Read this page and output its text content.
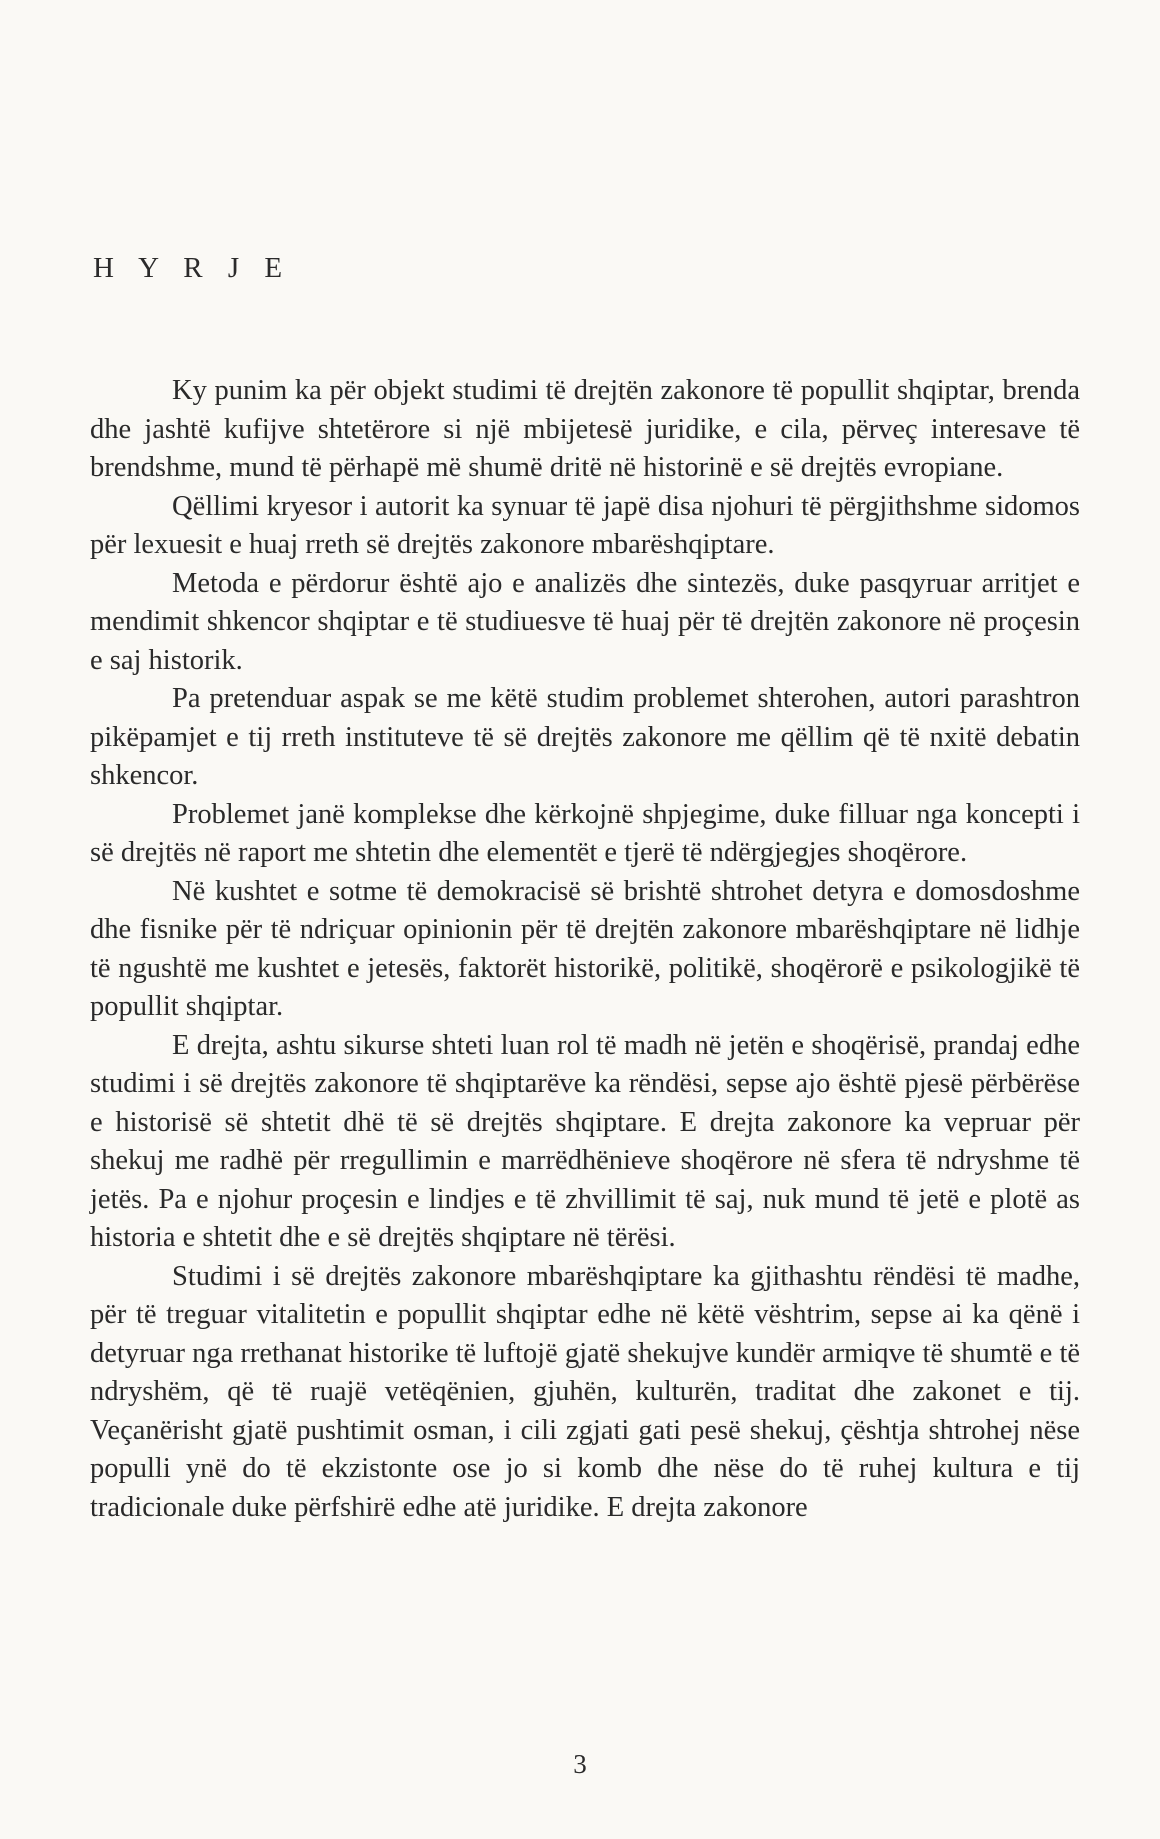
H Y R J E

Ky punim ka për objekt studimi të drejtën zakonore të popullit shqiptar, brenda dhe jashtë kufijve shtetërore si një mbijetesë juridike, e cila, përveç interesave të brendshme, mund të përhapë më shumë dritë në historinë e së drejtës evropiane.

Qëllimi kryesor i autorit ka synuar të japë disa njohuri të përgjithshme sidomos për lexuesit e huaj rreth së drejtës zakonore mbarëshqiptare.

Metoda e përdorur është ajo e analizës dhe sintezës, duke pasqyruar arritjet e mendimit shkencor shqiptar e të studiuesve të huaj për të drejtën zakonore në proçesin e saj historik.

Pa pretenduar aspak se me këtë studim problemet shterohen, autori parashtron pikëpamjet e tij rreth instituteve të së drejtës zakonore me qëllim që të nxitë debatin shkencor.

Problemet janë komplekse dhe kërkojnë shpjegime, duke filluar nga koncepti i së drejtës në raport me shtetin dhe elementët e tjerë të ndërgjegjes shoqërore.

Në kushtet e sotme të demokracisë së brishtë shtrohet detyra e domosdoshme dhe fisnike për të ndriçuar opinionin për të drejtën zakonore mbarëshqiptare në lidhje të ngushtë me kushtet e jetesës, faktorët historikë, politikë, shoqërorë e psikologjikë të popullit shqiptar.

E drejta, ashtu sikurse shteti luan rol të madh në jetën e shoqërisë, prandaj edhe studimi i së drejtës zakonore të shqiptarëve ka rëndësi, sepse ajo është pjesë përbërëse e historisë së shtetit dhë të së drejtës shqiptare. E drejta zakonore ka vepruar për shekuj me radhë për rregullimin e marrëdhënieve shoqërore në sfera të ndryshme të jetës. Pa e njohur proçesin e lindjes e të zhvillimit të saj, nuk mund të jetë e plotë as historia e shtetit dhe e së drejtës shqiptare në tërësi.

Studimi i së drejtës zakonore mbarëshqiptare ka gjithashtu rëndësi të madhe, për të treguar vitalitetin e popullit shqiptar edhe në këtë vështrim, sepse ai ka qënë i detyruar nga rrethanat historike të luftojë gjatë shekujve kundër armiqve të shumtë e të ndryshëm, që të ruajë vetëqënien, gjuhën, kulturën, traditat dhe zakonet e tij. Veçanërisht gjatë pushtimit osman, i cili zgjati gati pesë shekuj, çështja shtrohej nëse populli ynë do të ekzistonte ose jo si komb dhe nëse do të ruhej kultura e tij tradicionale duke përfshirë edhe atë juridike. E drejta zakonore

3
